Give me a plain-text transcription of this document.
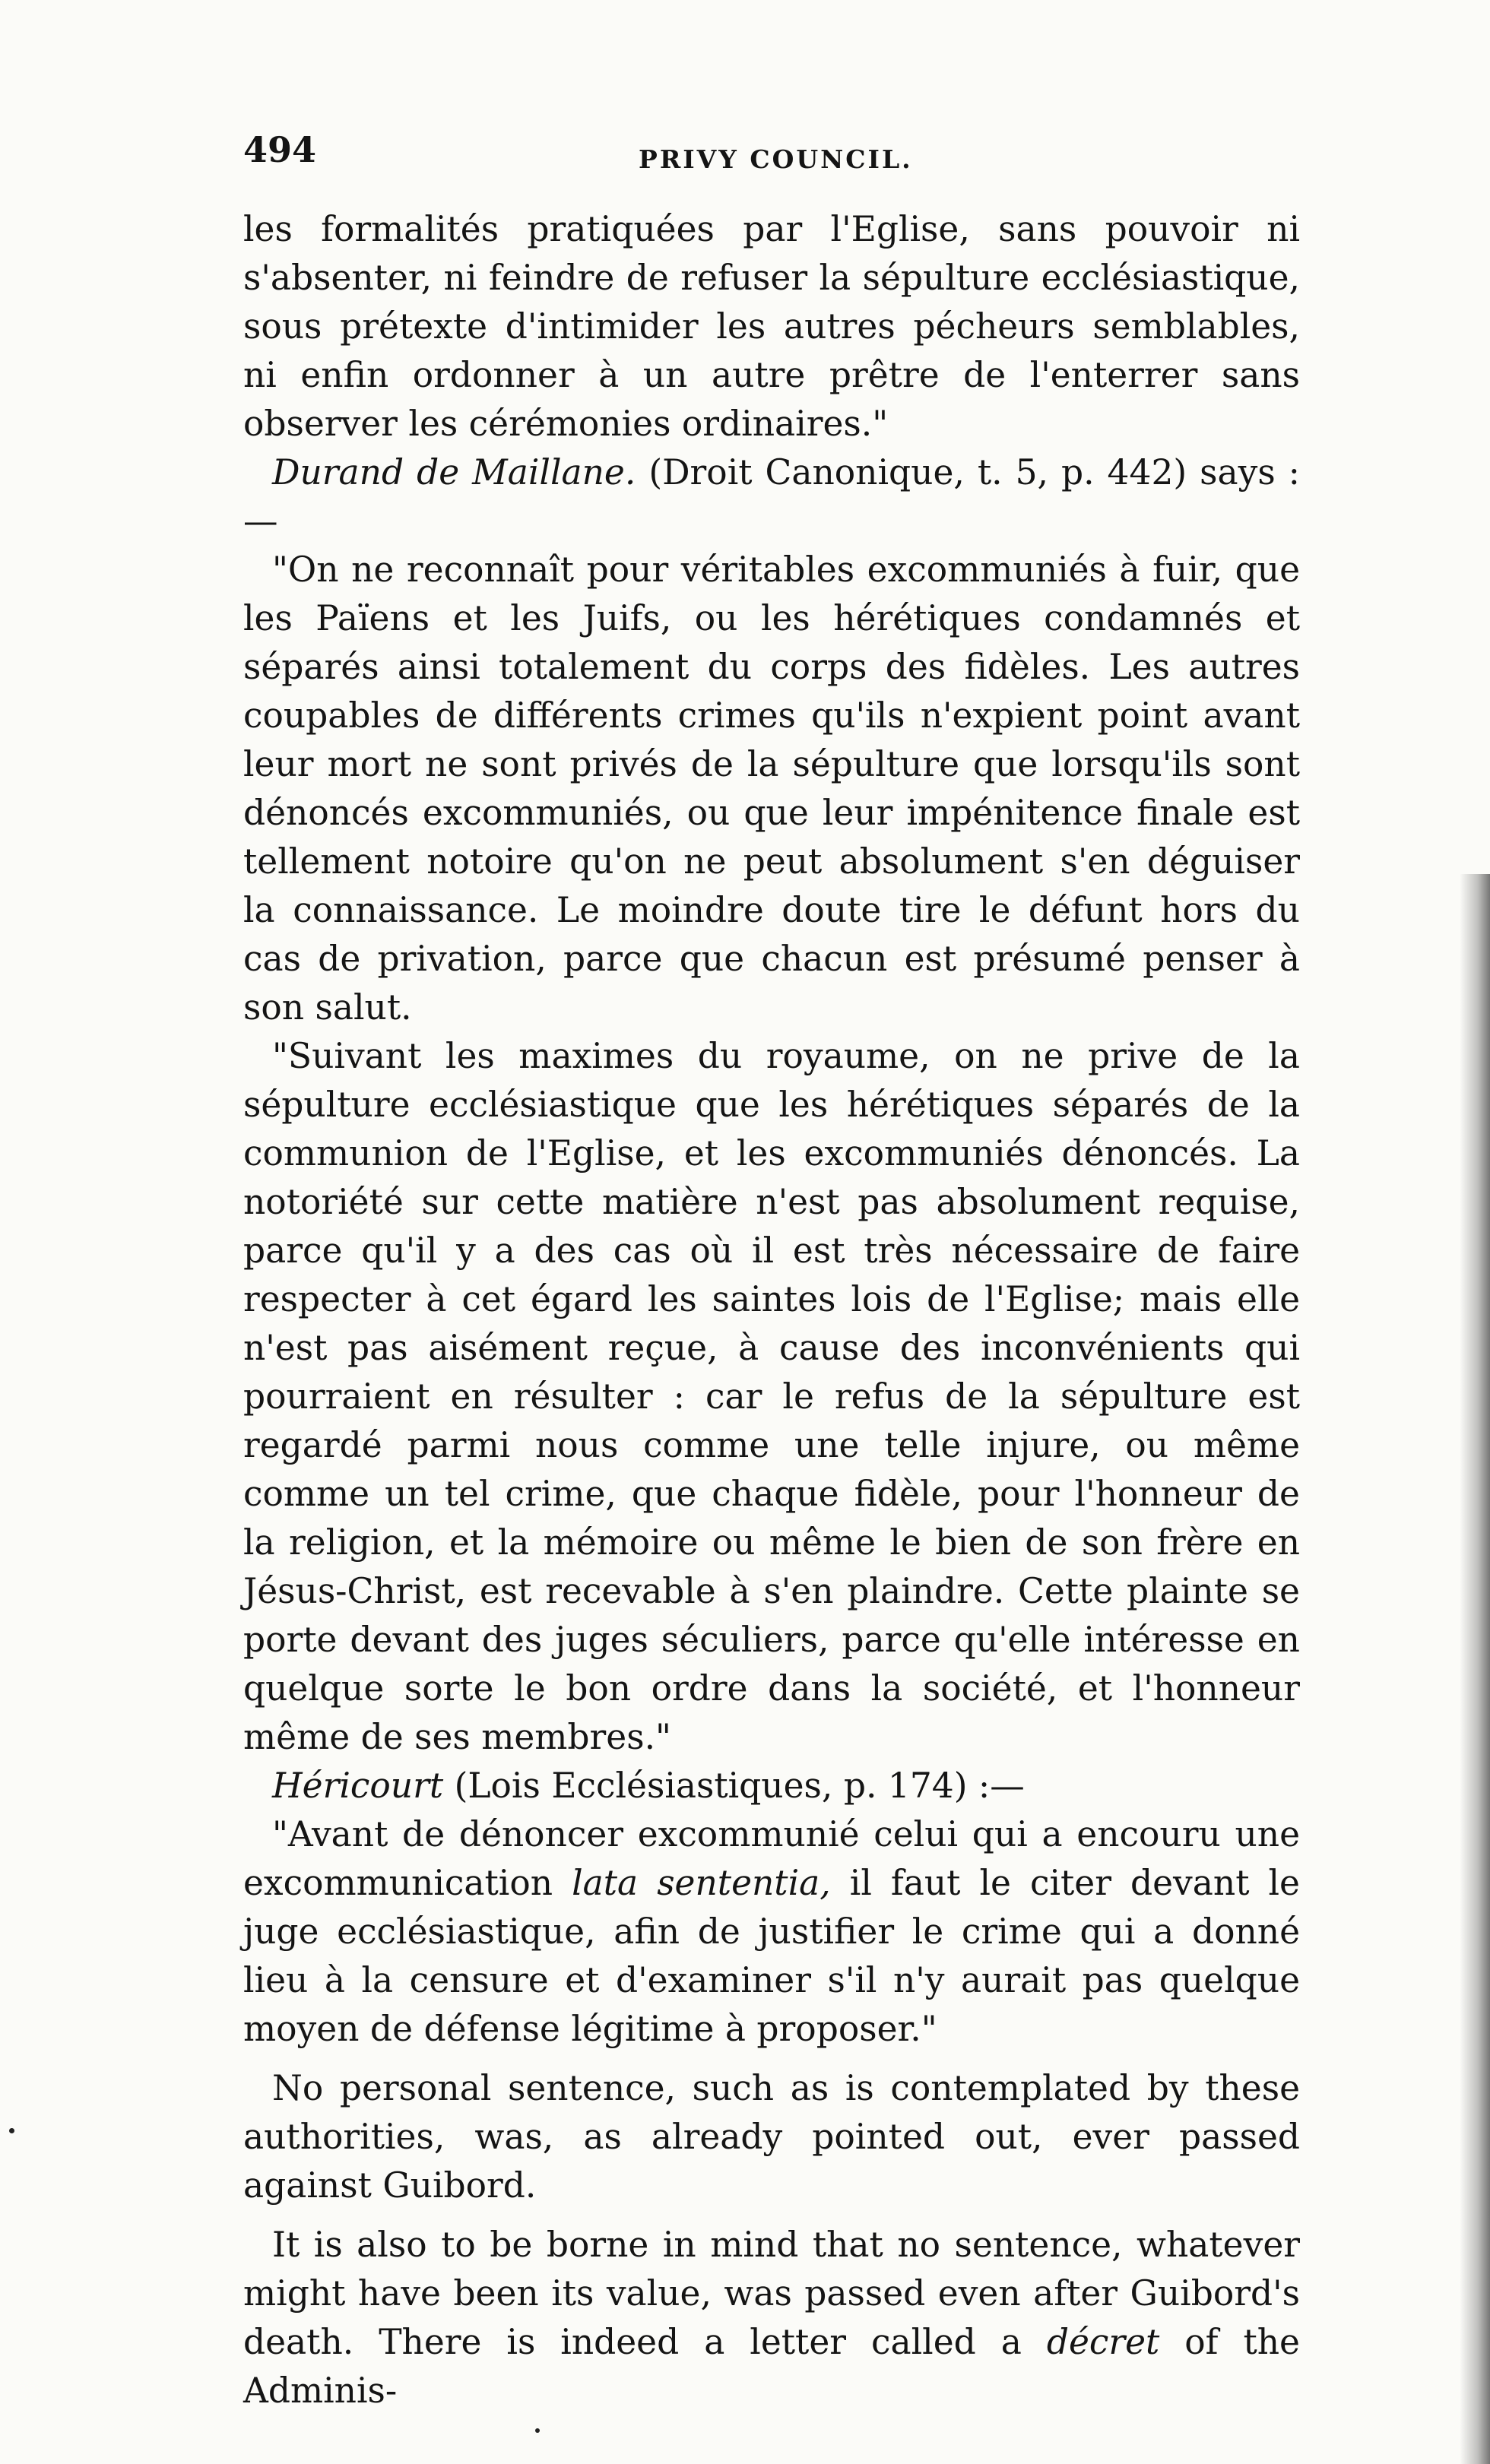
494	PRIVY COUNCIL.

les formalités pratiquées par l'Eglise, sans pouvoir ni s'absenter, ni feindre de refuser la sépulture ecclésiastique, sous prétexte d'intimider les autres pécheurs semblables, ni enfin ordonner à un autre prêtre de l'enterrer sans observer les cérémonies ordinaires."

Durand de Maillane. (Droit Canonique, t. 5, p. 442) says :—

"On ne reconnaît pour véritables excommuniés à fuir, que les Païens et les Juifs, ou les hérétiques condamnés et séparés ainsi totalement du corps des fidèles. Les autres coupables de différents crimes qu'ils n'expient point avant leur mort ne sont privés de la sépulture que lorsqu'ils sont dénoncés excommuniés, ou que leur impénitence finale est tellement notoire qu'on ne peut absolument s'en déguiser la connaissance. Le moindre doute tire le défunt hors du cas de privation, parce que chacun est présumé penser à son salut.

"Suivant les maximes du royaume, on ne prive de la sépulture ecclésiastique que les hérétiques séparés de la communion de l'Eglise, et les excommuniés dénoncés. La notoriété sur cette matière n'est pas absolument requise, parce qu'il y a des cas où il est très nécessaire de faire respecter à cet égard les saintes lois de l'Eglise; mais elle n'est pas aisément reçue, à cause des inconvénients qui pourraient en résulter : car le refus de la sépulture est regardé parmi nous comme une telle injure, ou même comme un tel crime, que chaque fidèle, pour l'honneur de la religion, et la mémoire ou même le bien de son frère en Jésus-Christ, est recevable à s'en plaindre. Cette plainte se porte devant des juges séculiers, parce qu'elle intéresse en quelque sorte le bon ordre dans la société, et l'honneur même de ses membres."

Héricourt (Lois Ecclésiastiques, p. 174) :—

"Avant de dénoncer excommunié celui qui a encouru une excommunication lata sententia, il faut le citer devant le juge ecclésiastique, afin de justifier le crime qui a donné lieu à la censure et d'examiner s'il n'y aurait pas quelque moyen de défense légitime à proposer."

No personal sentence, such as is contemplated by these authorities, was, as already pointed out, ever passed against Guibord.

It is also to be borne in mind that no sentence, whatever might have been its value, was passed even after Guibord's death. There is indeed a letter called a décret of the Adminis-
